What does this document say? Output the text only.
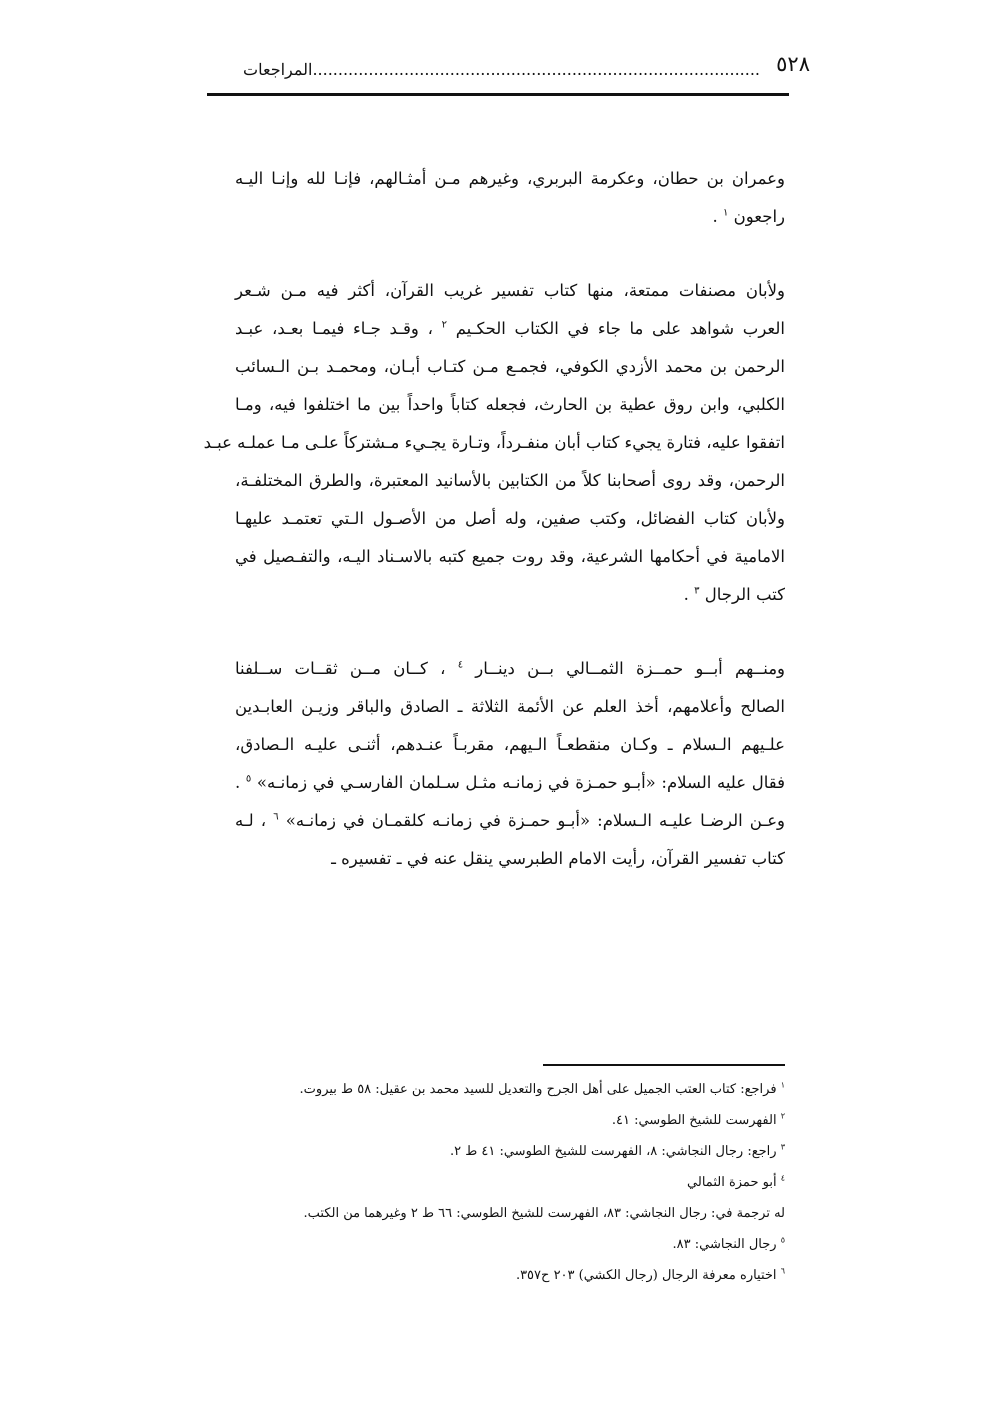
٥٢٨
........................................................................................المراجعات
وعمران بن حطان، وعكرمة البربري، وغيرهم مـن أمثـالهم، فإنـا لله وإنـا اليـه
راجعون $^١$ .
ولأبان مصنفات ممتعة، منها كتاب تفسير غريب القرآن، أكثر فيه مـن شـعر
العرب شواهد على ما جاء في الكتاب الحكـيم $^٢$ ، وقـد جـاء فيمـا بعـد، عبـد
الرحمن بن محمد الأزدي الكوفي، فجمـع مـن كتـاب أبـان، ومحمـد بـن الـسائب
الكلبي، وابن روق عطية بن الحارث، فجعله كتاباً واحداً بين ما اختلفوا فيه، ومـا
اتفقوا عليه، فتارة يجيء كتاب أبان منفـرداً، وتـارة يجـيء مـشتركاً علـى مـا عملـه عبـد
الرحمن، وقد روى أصحابنا كلاً من الكتابين بالأسانيد المعتبرة، والطرق المختلفـة،
ولأبان كتاب الفضائل، وكتب صفين، وله أصل من الأصـول الـتي تعتمـد عليهـا
الامامية في أحكامها الشرعية، وقد روت جميع كتبه بالاسـناد اليـه، والتفـصيل في
كتب الرجال $^٣$ .
ومنــهم أبــو حمــزة الثمــالي بــن دينــار $^٤$ ، كــان مــن ثقــات ســلفنا
الصالح وأعلامهم، أخذ العلم عن الأئمة الثلاثة ـ الصادق والباقر وزيـن العابـدين
علـيهم الـسلام ـ وكـان منقطعـاً الـيهم، مقربـاً عنـدهم، أثنـى عليـه الـصادق،
فقال عليه السلام: «أبـو حمـزة في زمانـه مثـل سـلمان الفارسـي في زمانـه» $^٥$ .
وعـن الرضـا عليـه الـسلام: «أبـو حمـزة في زمانـه كلقمـان في زمانـه» $^٦$ ، لـه
كتاب تفسير القرآن، رأيت الامام الطبرسي ينقل عنه في ـ تفسيره ـ
$^١$ فراجع: كتاب العتب الجميل على أهل الجرح والتعديل للسيد محمد بن عقيل: ٥٨ ط بيروت.
$^٢$ الفهرست للشيخ الطوسي: ٤١.
$^٣$ راجع: رجال النجاشي: ٨، الفهرست للشيخ الطوسي: ٤١ ط ٢.
$^٤$ أبو حمزة الثمالي
له ترجمة في: رجال النجاشي: ٨٣، الفهرست للشيخ الطوسي: ٦٦ ط ٢ وغيرهما من الكتب.
$^٥$ رجال النجاشي: ٨٣.
$^٦$ اختياره معرفة الرجال (رجال الكشي) ٢٠٣ ح٣٥٧.
